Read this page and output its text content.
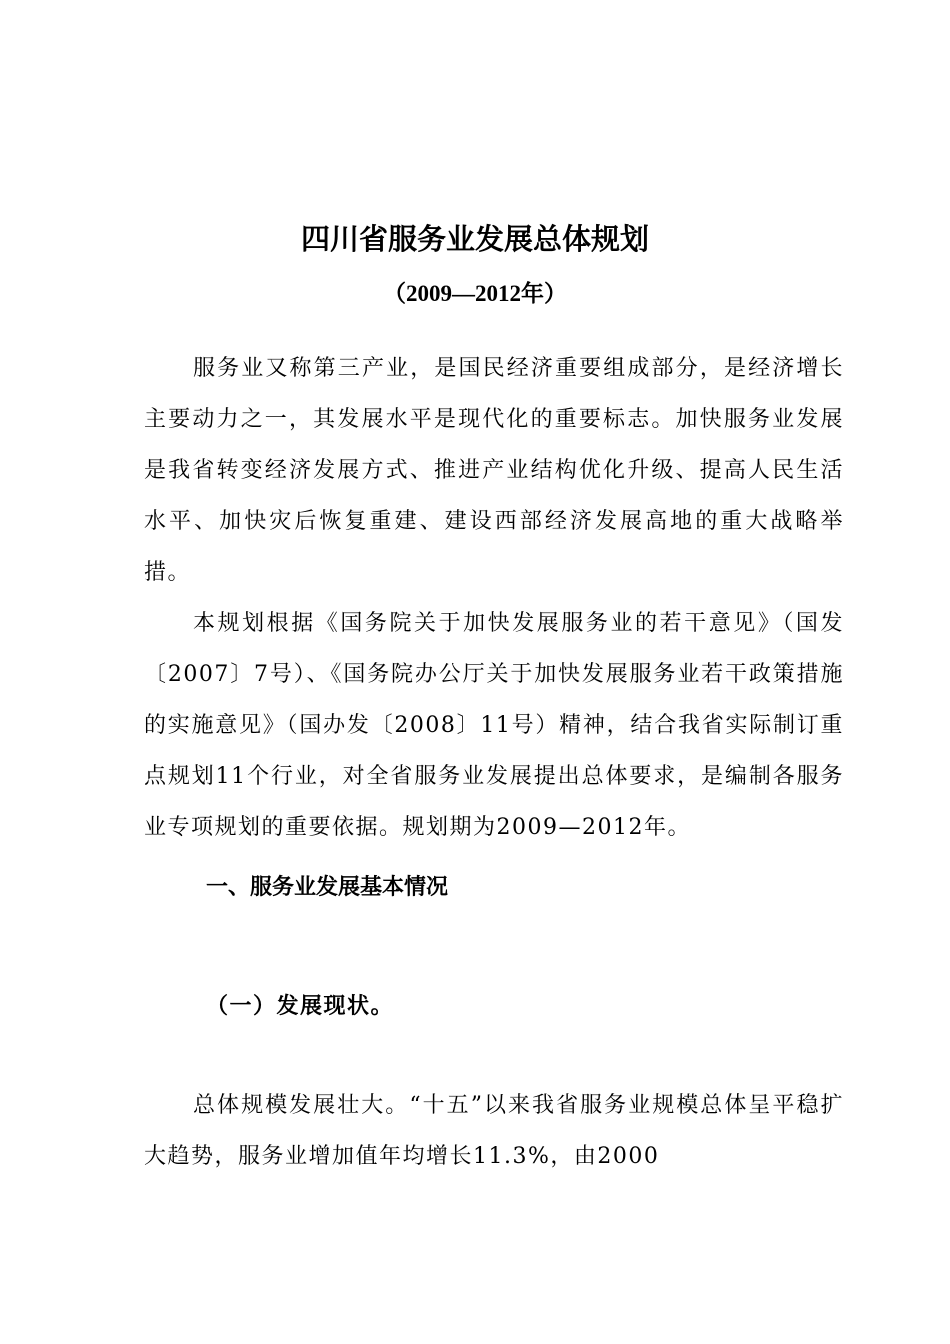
四川省服务业发展总体规划
（2009—2012年）

服务业又称第三产业，是国民经济重要组成部分，是经济增长主要动力之一，其发展水平是现代化的重要标志。加快服务业发展是我省转变经济发展方式、推进产业结构优化升级、提高人民生活水平、加快灾后恢复重建、建设西部经济发展高地的重大战略举措。

本规划根据《国务院关于加快发展服务业的若干意见》（国发〔2007〕7号）、《国务院办公厅关于加快发展服务业若干政策措施的实施意见》（国办发〔2008〕11号）精神，结合我省实际制订重点规划11个行业，对全省服务业发展提出总体要求，是编制各服务业专项规划的重要依据。规划期为2009—2012年。

一、服务业发展基本情况
（一）发展现状。

总体规模发展壮大。“十五”以来我省服务业规模总体呈平稳扩大趋势，服务业增加值年均增长11.3%，由2000
